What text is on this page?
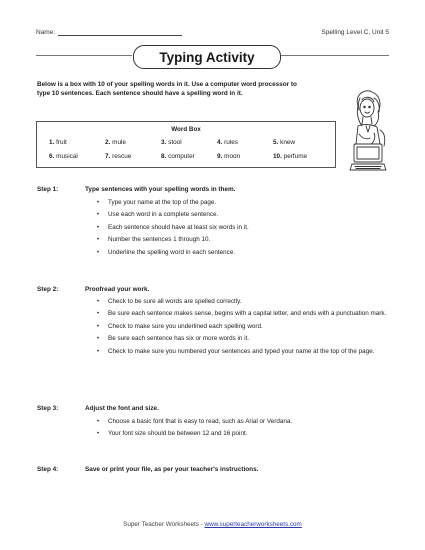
Name:	Spelling Level C, Unit 5
Typing Activity
Below is a box with 10 of your spelling words in it. Use a computer word processor to type 10 sentences. Each sentence should have a spelling word in it.
Word Box
1. fruit	2. mule	3. stool	4. rules	5. knew
6. musical	7. rescue	8. computer	9. moon	10. perfume
Step 1:	Type sentences with your spelling words in them.
• Type your name at the top of the page.
• Use each word in a complete sentence.
• Each sentence should have at least six words in it.
• Number the sentences 1 through 10.
• Underline the spelling word in each sentence.
Step 2:	Proofread your work.
• Check to be sure all words are spelled correctly.
• Be sure each sentence makes sense, begins with a capital letter, and ends with a punctuation mark.
• Check to make sure you underlined each spelling word.
• Be sure each sentence has six or more words in it.
• Check to make sure you numbered your sentences and typed your name at the top of the page.
Step 3:	Adjust the font and size.
• Choose a basic font that is easy to read, such as Arial or Verdana.
• Your font size should be between 12 and 16 point.
Step 4:	Save or print your file, as per your teacher's instructions.
Super Teacher Worksheets - www.superteacherworksheets.com
